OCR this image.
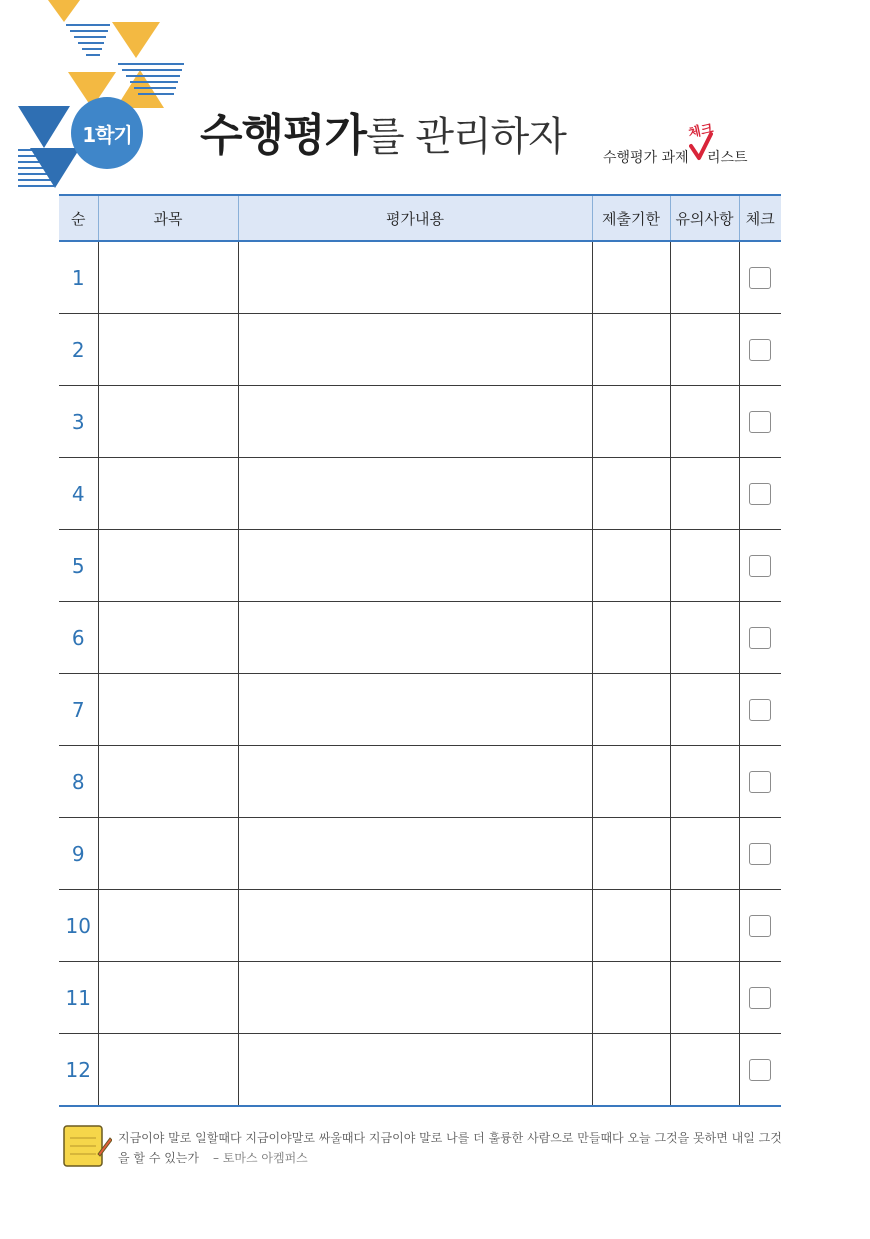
1학기 수행평가를 관리하자	체크
수행평가 과제 리스트
순	과목	평가내용	제출기한	유의사항	체크
1					
2					
3					
4					
5					
6					
7					
8					
9					
10					
11					
12					
지금이야 말로 일할때다 지금이야말로 싸울때다 지금이야 말로 나를 더 훌륭한 사람으로 만들때다 오늘 그것을 못하면 내일 그것을 할 수 있는가 – 토마스 아켐퍼스
